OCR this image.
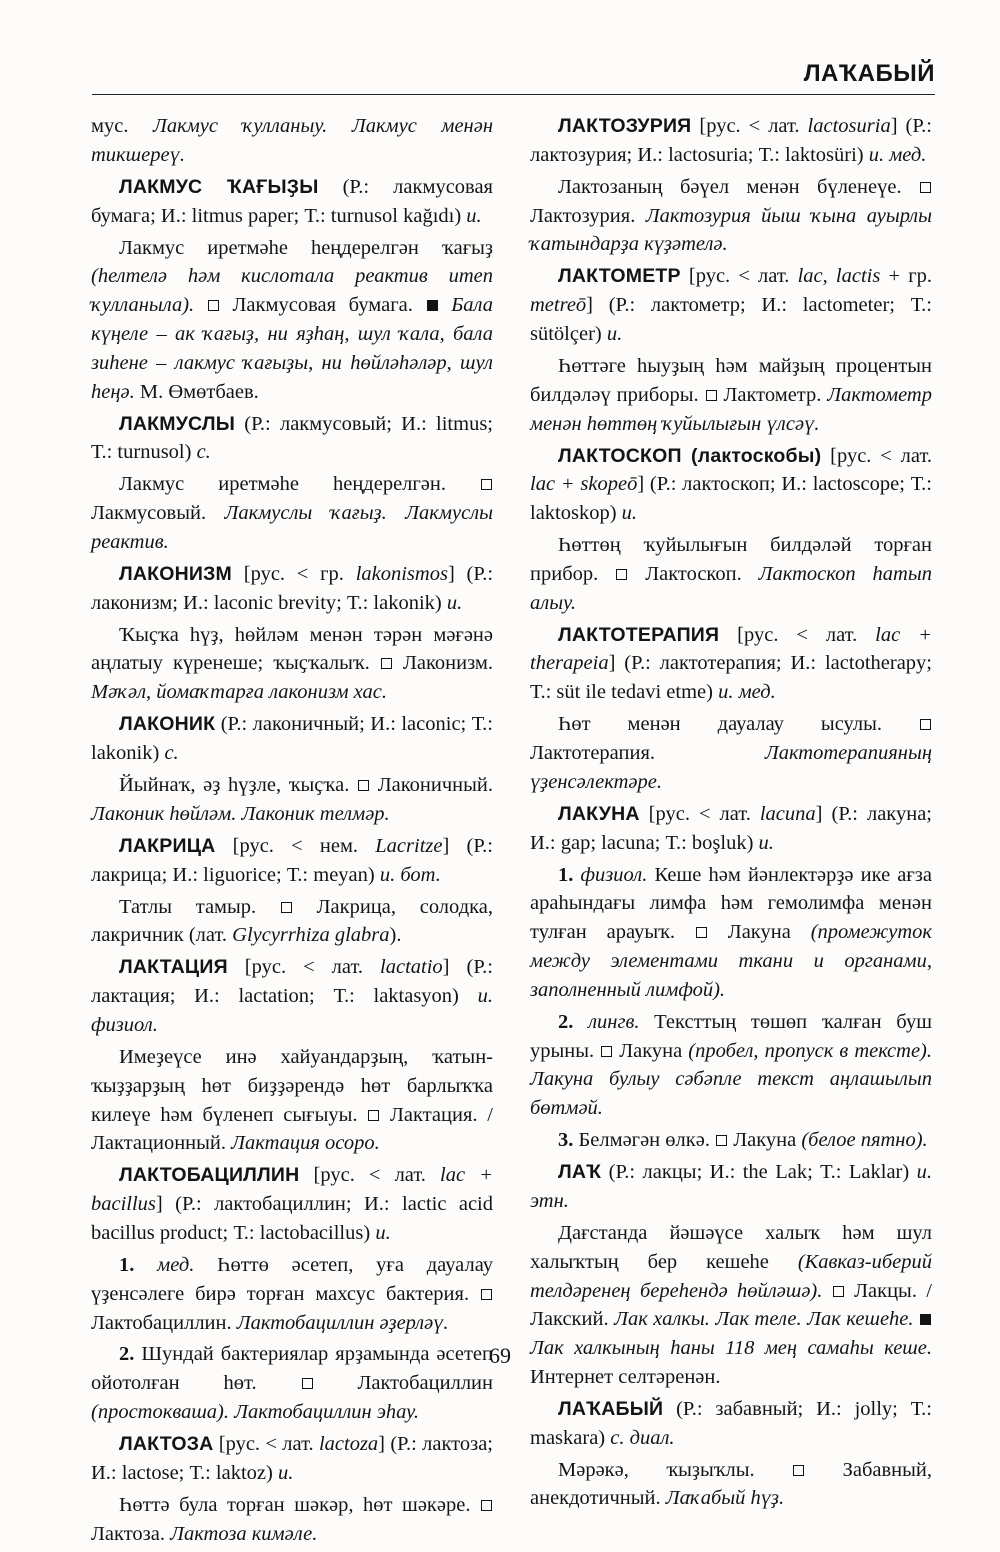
ЛАҠАБЫЙ

мус. Лакмус ҡулланыу. Лакмус менән тикшереү.

ЛАКМУС ҠАҒЫҘЫ (Р.: лакмусовая бумага; И.: litmus paper; Т.: turnusol kağıdı) и.

Лакмус иретмәһе һеңдерелгән ҡағыҙ (һелтелә һәм кислотала реактив итеп ҡулланыла).  Лакмусовая бумага.  Бала күңеле – ак ҡағыҙ, ни яҙһаң, шул ҡала, бала зиһене – лакмус ҡағыҙы, ни һөйләһәләр, шул һеңә. М. Өмөтбаев.

ЛАКМУСЛЫ (Р.: лакмусовый; И.: litmus; Т.: turnusol) с.

Лакмус иретмәһе һеңдерелгән.  Лакмусовый. Лакмуслы ҡағыҙ. Лакмуслы реактив.

ЛАКОНИЗМ [рус. < гр. lakonismos] (Р.: лаконизм; И.: laconic brevity; Т.: lakonik) и.

Ҡыҫҡа һүҙ, һөйләм менән тәрән мәғәнә аңлатыу күренеше; ҡыҫҡалыҡ.  Лаконизм. Мәҡәл, йомаҡтарға лаконизм хас.

ЛАКОНИК (Р.: лаконичный; И.: laconic; Т.: lakonik) с.

Йыйнаҡ, әҙ һүҙле, ҡыҫҡа.  Лаконичный. Лаконик һөйләм. Лаконик телмәр.

ЛАКРИЦА [рус. < нем. Lacritze] (Р.: лакрица; И.: liguorice; Т.: meyan) и. бот.

Татлы тамыр.  Лакрица, солодка, лакричник (лат. Glycyrrhiza glabra).

ЛАКТАЦИЯ [рус. < лат. lactatio] (Р.: лактация; И.: lactation; Т.: laktasyon) и. физиол.

Имеҙеүсе инә хайуандарҙың, ҡатын-ҡыҙҙарҙың һөт биҙҙәрендә һөт барлыҡҡа килеүе һәм бүленеп сығыуы.  Лактация. / Лактационный. Лактация осоро.

ЛАКТОБАЦИЛЛИН [рус. < лат. lac + bacillus] (Р.: лактобациллин; И.: lactic acid bacillus product; Т.: lactobacillus) и.

1. мед. Һөттө әсетеп, уға дауалау үҙенсәлеге бирә торған махсус бактерия.  Лактобациллин. Лактобациллин әҙерләү.

2. Шундай бактериялар ярҙамында әсетеп ойотолған һөт.  Лактобациллин (простокваша). Лактобациллин эһау.

ЛАКТОЗА [рус. < лат. lactoza] (Р.: лактоза; И.: lactose; Т.: laktoz) и.

Һөттә була торған шәкәр, һөт шәкәре.  Лактоза. Лактоза кимәле.

ЛАКТОЗУРИЯ [рус. < лат. lactosuria] (Р.: лактозурия; И.: lactosuria; Т.: laktosüri) и. мед.

Лактозаның бәүел менән бүленеүе.  Лактозурия. Лактозурия йыш ҡына ауырлы ҡатындарҙа күҙәтелә.

ЛАКТОМЕТР [рус. < лат. lac, lactis + гр. metreō] (Р.: лактометр; И.: lactometer; Т.: sütölçer) и.

Һөттәге һыуҙың һәм майҙың процентын билдәләү приборы.  Лактометр. Лактометр менән һөттөң ҡуйылығын үлсәү.

ЛАКТОСКОП (лактоскобы) [рус. < лат. lac + skopeō] (Р.: лактоскоп; И.: lactoscope; Т.: laktoskop) и.

Һөттөң ҡуйылығын билдәләй торған прибор.  Лактоскоп. Лактоскоп һатып алыу.

ЛАКТОТЕРАПИЯ [рус. < лат. lac + therapeia] (Р.: лактотерапия; И.: lactotherapy; Т.: süt ile tedavi etme) и. мед.

Һөт менән дауалау ысулы.  Лактотерапия. Лактотерапияның үҙенсәлектәре.

ЛАКУНА [рус. < лат. lacuna] (Р.: лакуна; И.: gap; lacuna; Т.: boşluk) и.

1. физиол. Кеше һәм йәнлектәрҙә ике ағза араһындағы лимфа һәм гемолимфа менән тулған арауыҡ.  Лакуна (промежуток между элементами ткани и органами, заполненный лимфой).

2. лингв. Тексттың төшөп ҡалған буш урыны.  Лакуна (пробел, пропуск в тексте). Лакуна булыу сәбәпле текст аңлашылып бөтмәй.

3. Белмәгән өлкә.  Лакуна (белое пятно).

ЛАҠ (Р.: лакцы; И.: the Lak; Т.: Laklar) и. этн.

Дағстанда йәшәүсе халыҡ һәм шул халыҡтың бер кешеһе (Кавказ-иберий телдәренең береһендә һөйләшә).  Лакцы. / Лакский. Лак халкы. Лак теле. Лак кешеһе.  Лак халкының һаны 118 мең самаһы кеше. Интернет селтәренән.

ЛАҠАБЫЙ (Р.: забавный; И.: jolly; Т.: maskara) с. диал.

Мәрәкә, ҡыҙыҡлы.  Забавный, анекдотичный. Лаҡабый һүҙ.

69
